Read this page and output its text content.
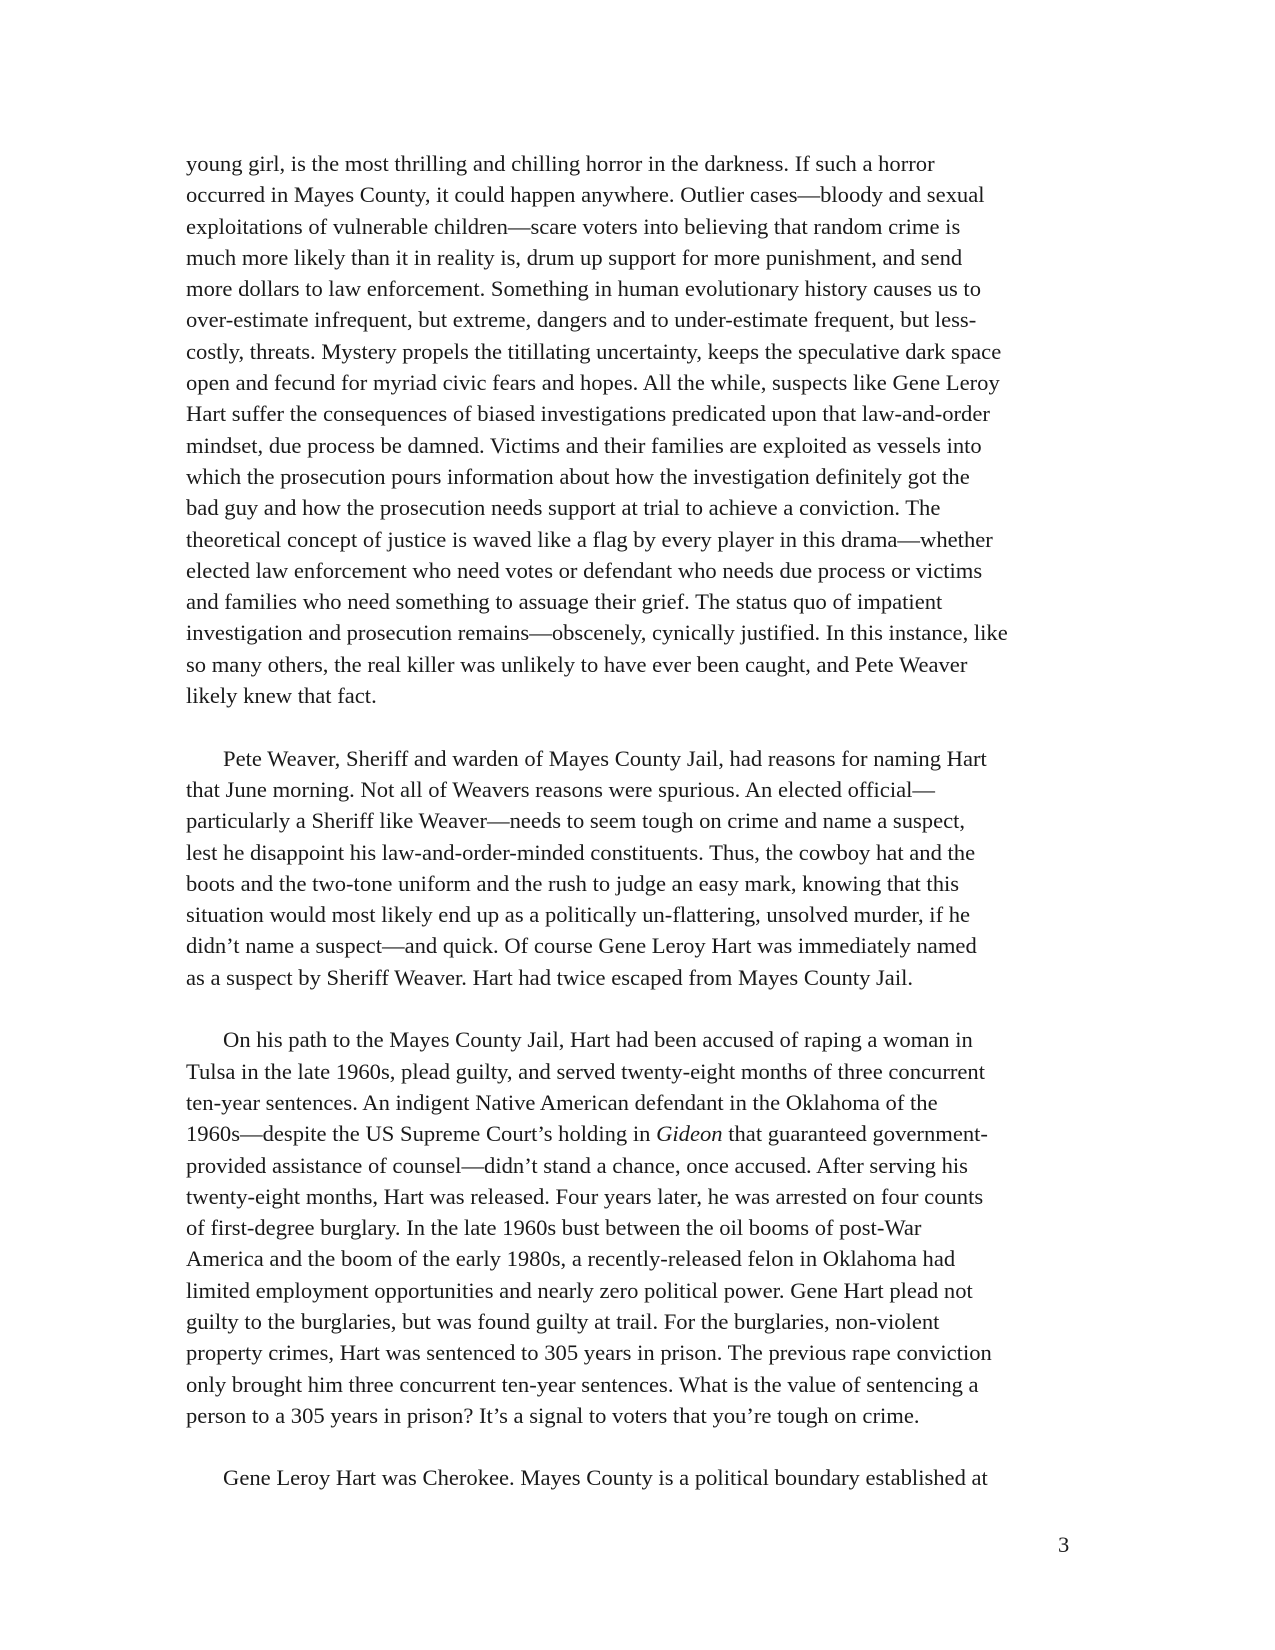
young girl, is the most thrilling and chilling horror in the darkness. If such a horror
occurred in Mayes County, it could happen anywhere. Outlier cases—bloody and sexual
exploitations of vulnerable children—scare voters into believing that random crime is
much more likely than it in reality is, drum up support for more punishment, and send
more dollars to law enforcement. Something in human evolutionary history causes us to
over-estimate infrequent, but extreme, dangers and to under-estimate frequent, but less-
costly, threats. Mystery propels the titillating uncertainty, keeps the speculative dark space
open and fecund for myriad civic fears and hopes. All the while, suspects like Gene Leroy
Hart suffer the consequences of biased investigations predicated upon that law-and-order
mindset, due process be damned. Victims and their families are exploited as vessels into
which the prosecution pours information about how the investigation definitely got the
bad guy and how the prosecution needs support at trial to achieve a conviction. The
theoretical concept of justice is waved like a flag by every player in this drama—whether
elected law enforcement who need votes or defendant who needs due process or victims
and families who need something to assuage their grief. The status quo of impatient
investigation and prosecution remains—obscenely, cynically justified. In this instance, like
so many others, the real killer was unlikely to have ever been caught, and Pete Weaver
likely knew that fact.

Pete Weaver, Sheriff and warden of Mayes County Jail, had reasons for naming Hart
that June morning. Not all of Weavers reasons were spurious. An elected official—
particularly a Sheriff like Weaver—needs to seem tough on crime and name a suspect,
lest he disappoint his law-and-order-minded constituents. Thus, the cowboy hat and the
boots and the two-tone uniform and the rush to judge an easy mark, knowing that this
situation would most likely end up as a politically un-flattering, unsolved murder, if he
didn’t name a suspect—and quick. Of course Gene Leroy Hart was immediately named
as a suspect by Sheriff Weaver. Hart had twice escaped from Mayes County Jail.

On his path to the Mayes County Jail, Hart had been accused of raping a woman in
Tulsa in the late 1960s, plead guilty, and served twenty-eight months of three concurrent
ten-year sentences. An indigent Native American defendant in the Oklahoma of the
1960s—despite the US Supreme Court’s holding in Gideon that guaranteed government-
provided assistance of counsel—didn’t stand a chance, once accused. After serving his
twenty-eight months, Hart was released. Four years later, he was arrested on four counts
of first-degree burglary. In the late 1960s bust between the oil booms of post-War
America and the boom of the early 1980s, a recently-released felon in Oklahoma had
limited employment opportunities and nearly zero political power. Gene Hart plead not
guilty to the burglaries, but was found guilty at trail. For the burglaries, non-violent
property crimes, Hart was sentenced to 305 years in prison. The previous rape conviction
only brought him three concurrent ten-year sentences. What is the value of sentencing a
person to a 305 years in prison? It’s a signal to voters that you’re tough on crime.

Gene Leroy Hart was Cherokee. Mayes County is a political boundary established at

3
